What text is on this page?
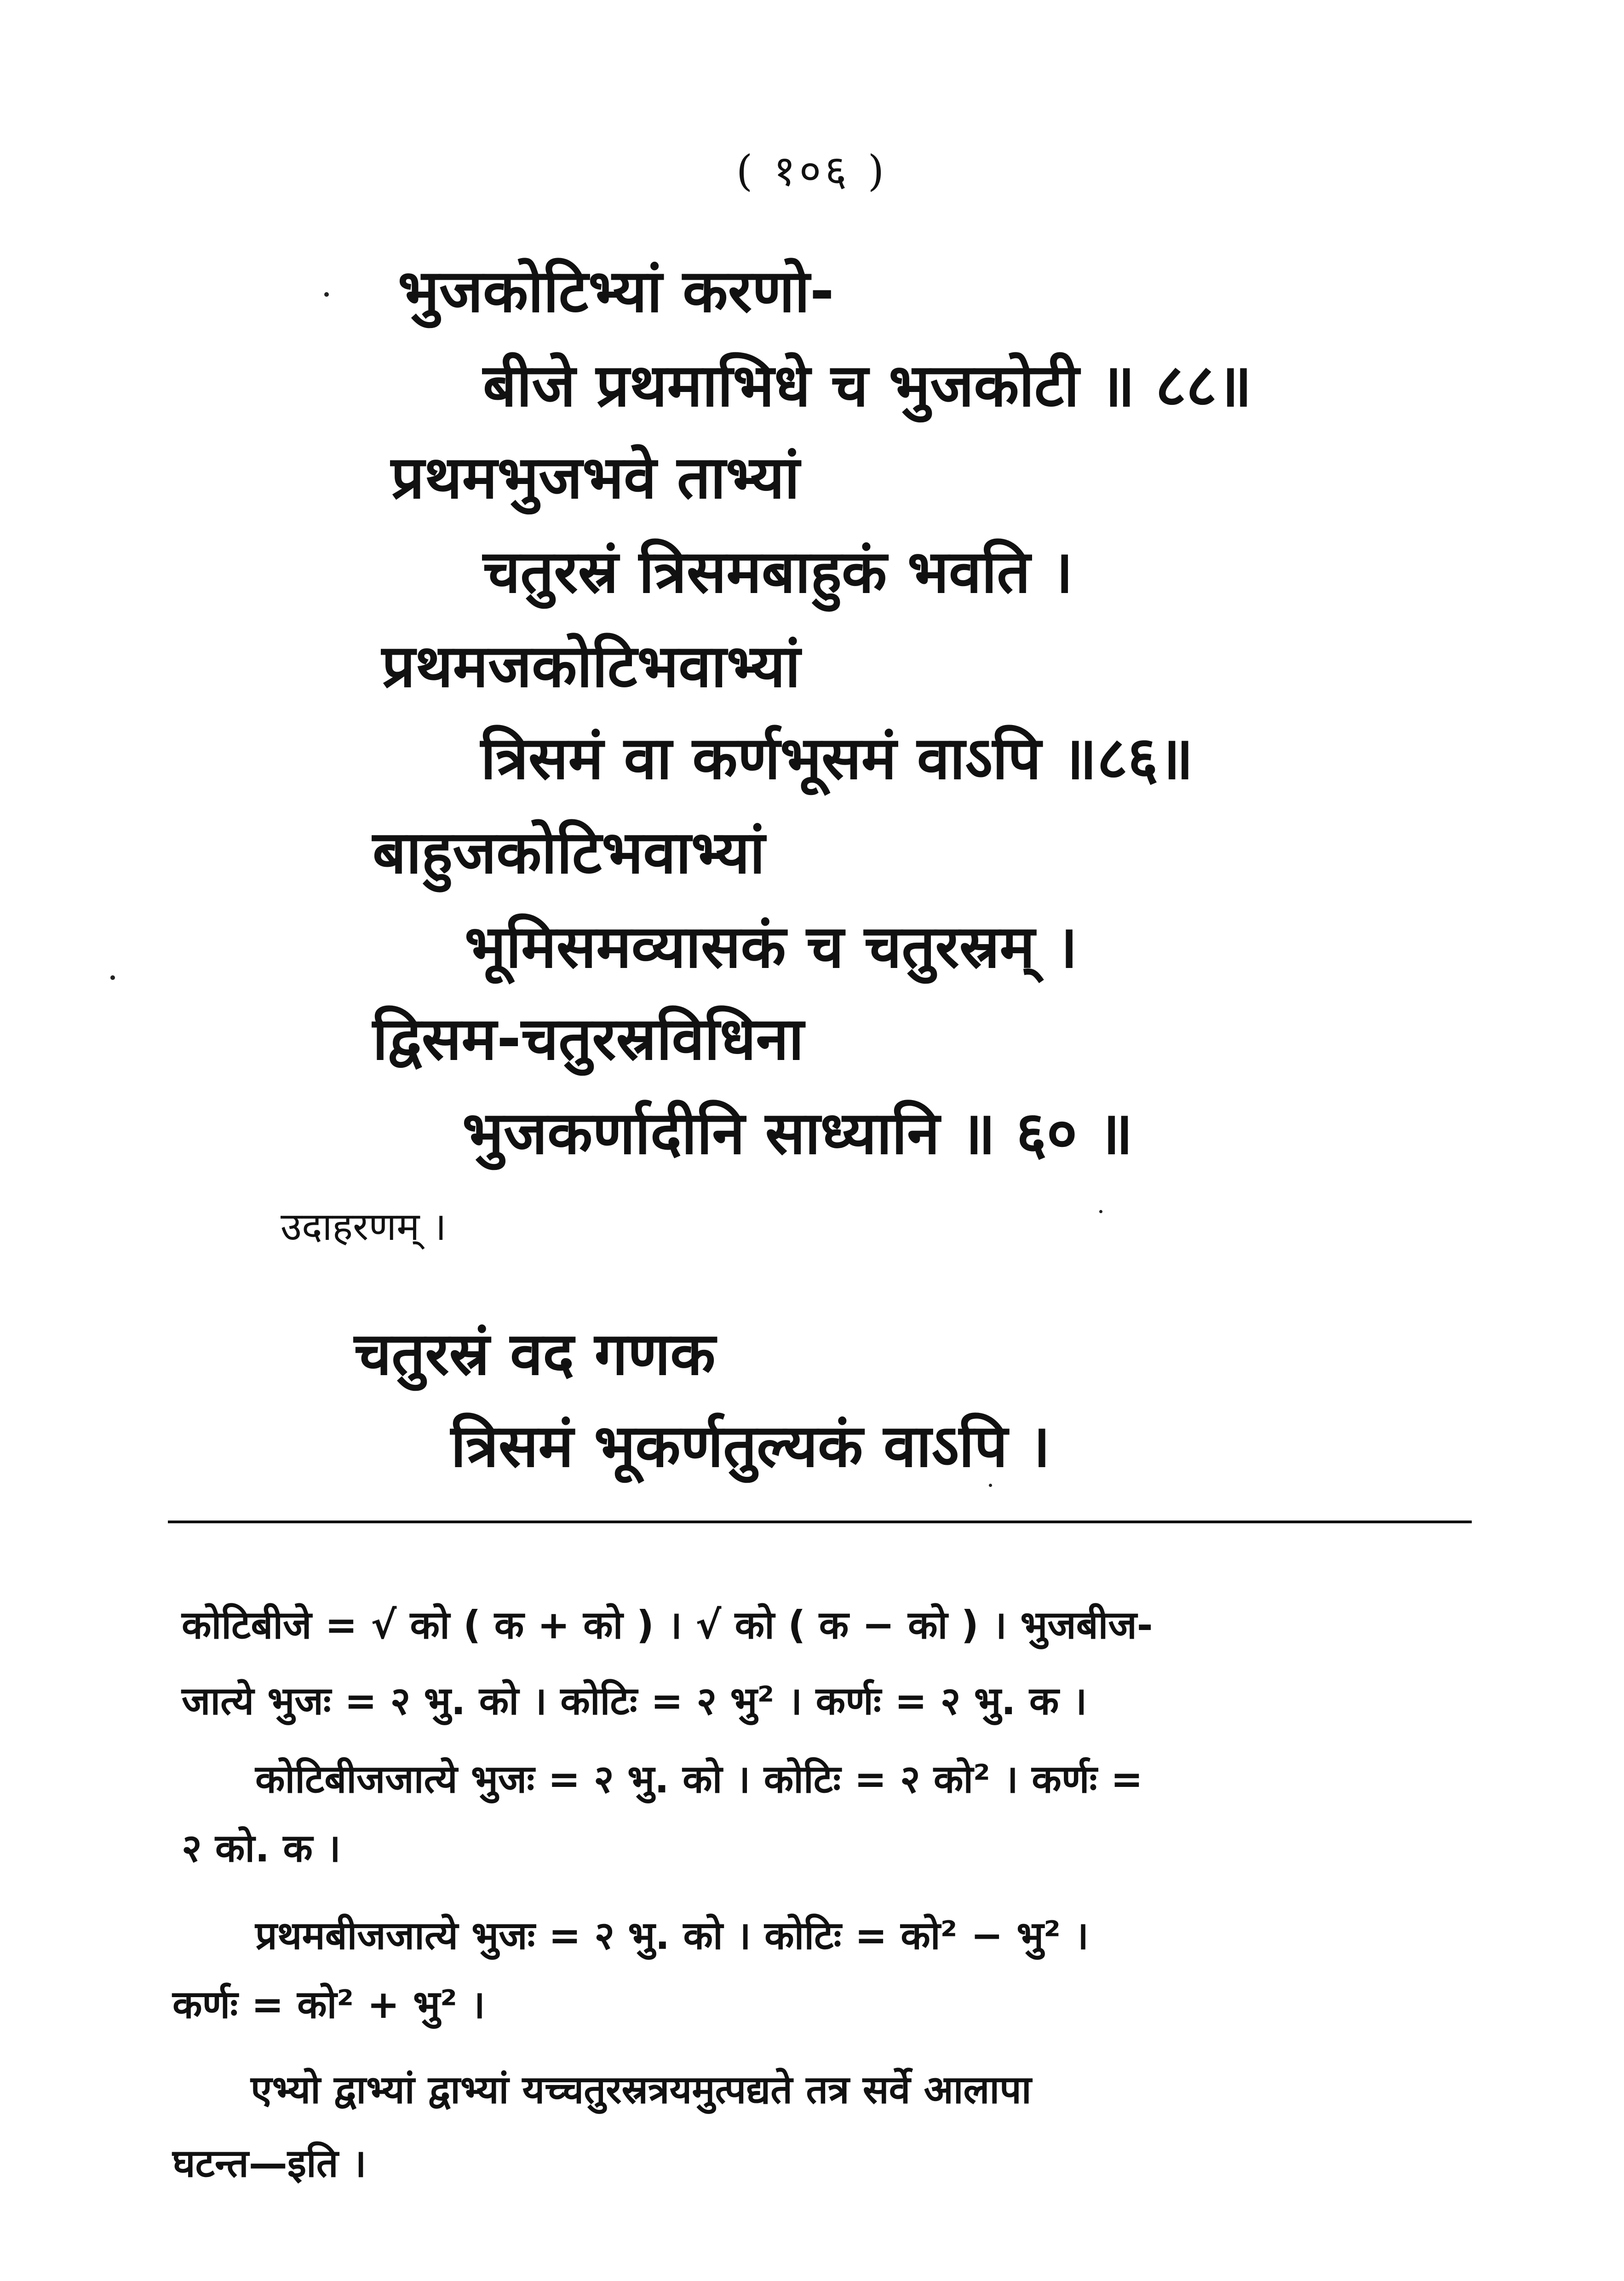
( १०६ )
भुजकोटिभ्यां करणो-
बीजे प्रथमाभिधे च भुजकोटी ॥ ८८॥
प्रथमभुजभवे ताभ्यां
चतुरस्रं त्रिसमबाहुकं भवति ।
प्रथमजकोटिभवाभ्यां
त्रिसमं वा कर्णभूसमं वाऽपि ॥८६॥
बाहुजकोटिभवाभ्यां
भूमिसमव्यासकं च चतुरस्रम् ।
द्विसम-चतुरस्रविधिना
भुजकर्णादीनि साध्यानि ॥ ६० ॥
उदाहरणम् ।
चतुरस्रं वद गणक
त्रिसमं भूकर्णतुल्यकं वाऽपि ।
कोटिबीजे = √ को ( क + को ) । √ को ( क − को ) । भुजबीज-
जात्ये भुजः = २ भु. को । कोटिः = २ भु² । कर्णः = २ भु. क ।
कोटिबीजजात्ये भुजः = २ भु. को । कोटिः = २ को² । कर्णः =
२ को. क ।
प्रथमबीजजात्ये भुजः = २ भु. को । कोटिः = को² − भु² ।
कर्णः = को² + भु² ।
एभ्यो द्वाभ्यां द्वाभ्यां यच्चतुरस्रत्रयमुत्पद्यते तत्र सर्वे आलापा
घटन्त—इति ।
